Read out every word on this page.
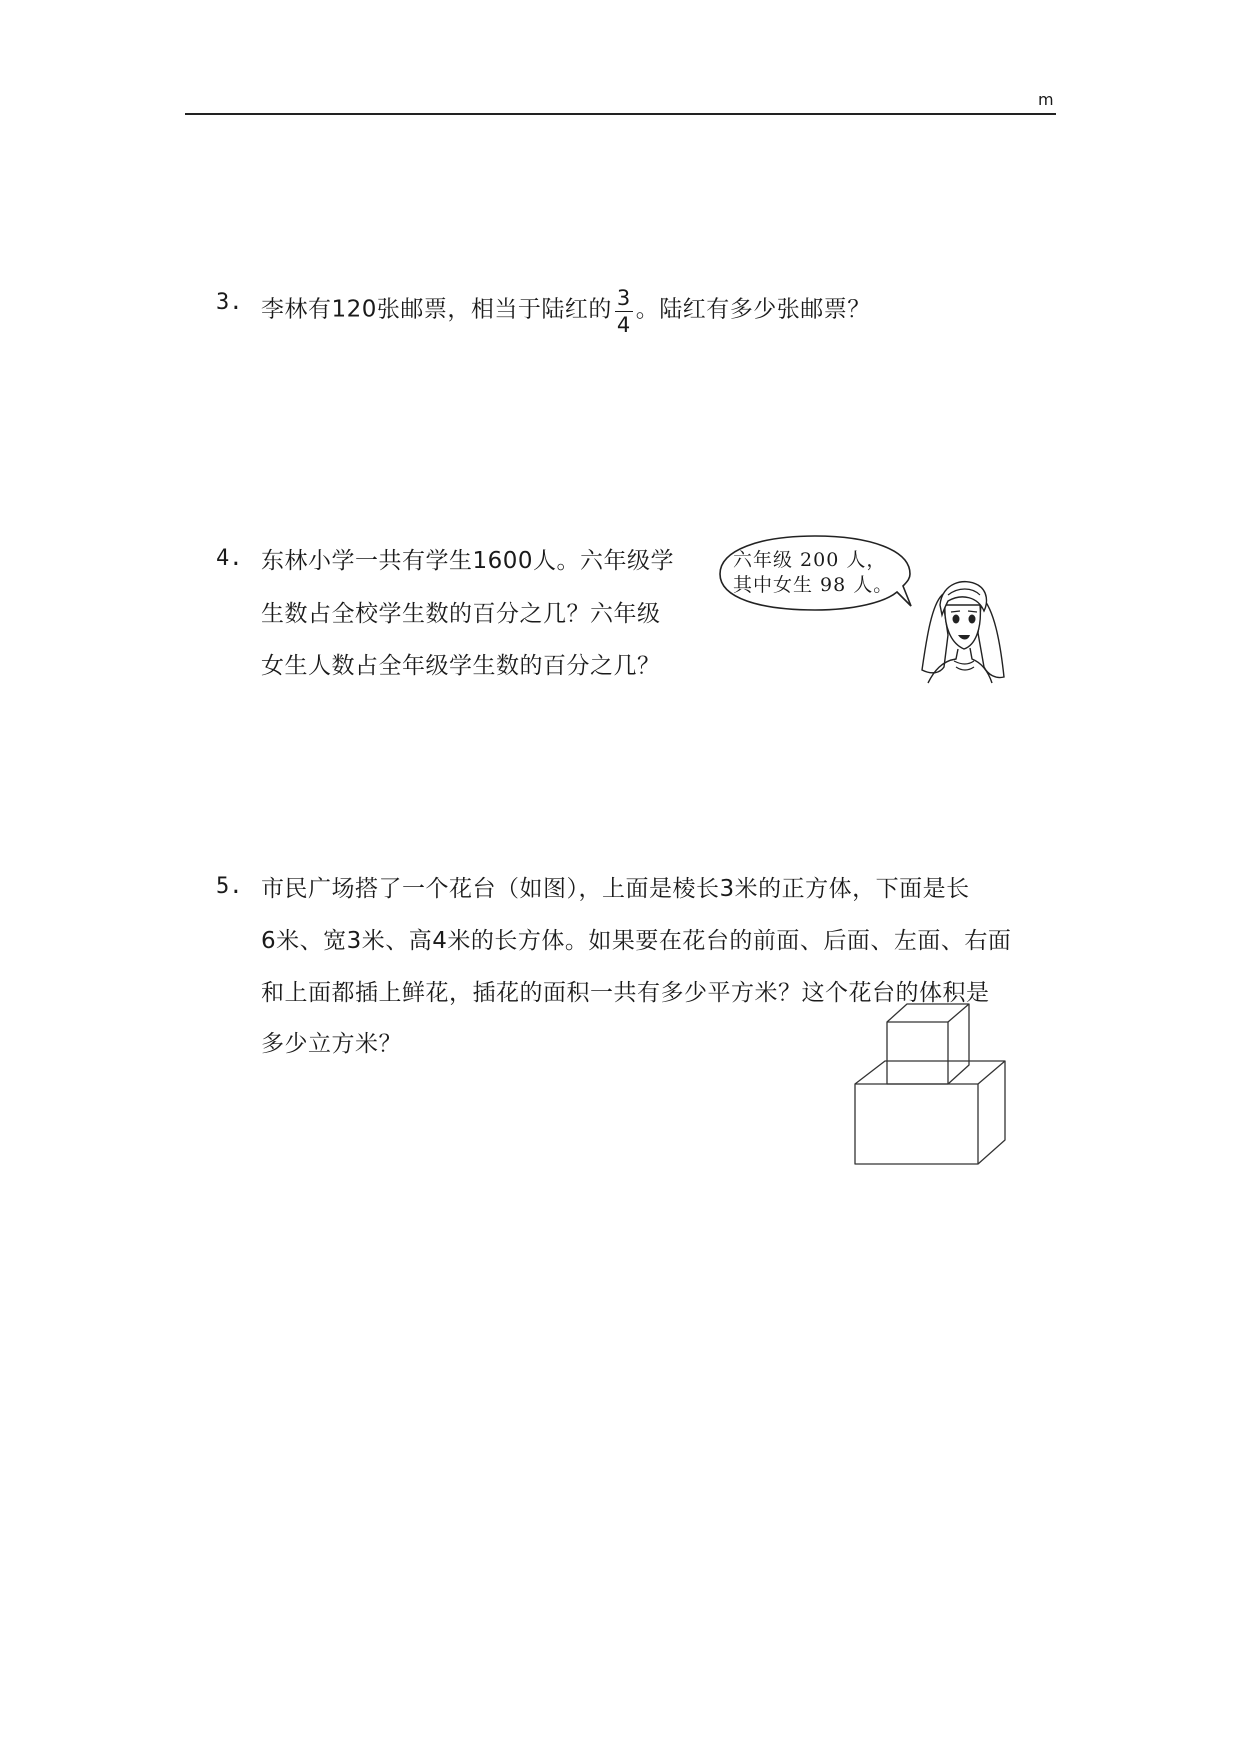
m
3. 李林有120张邮票，相当于陆红的 $\frac{3}{4}$ 。陆红有多少张邮票？
4. 东林小学一共有学生1600人。六年级学
生数占全校学生数的百分之几？六年级
女生人数占全年级学生数的百分之几？
六年级 200 人，
其中女生 98 人。
5. 市民广场搭了一个花台（如图），上面是棱长3米的正方体，下面是长
6米、宽3米、高4米的长方体。如果要在花台的前面、后面、左面、右面
和上面都插上鲜花，插花的面积一共有多少平方米？这个花台的体积是
多少立方米？
